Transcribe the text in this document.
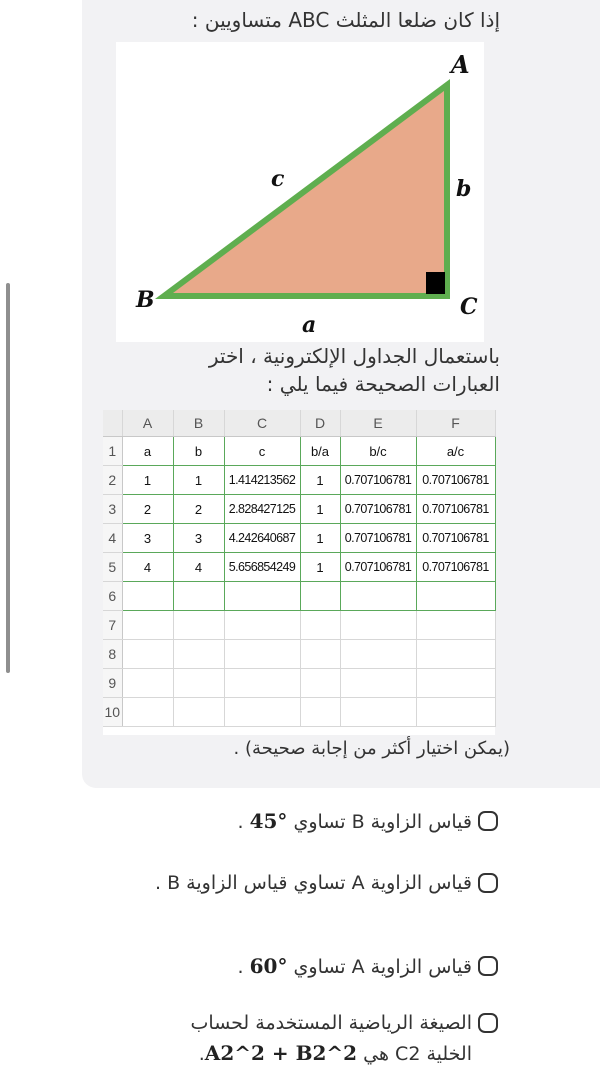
إذا كان ضلعا المثلث ABC متساويين :
A
B	C
a
b
c
باستعمال الجداول الإلكترونية ، اختر العبارات الصحيحة فيما يلي :
	A	B	C	D	E	F
1	a	b	c	b/a	b/c	a/c
2	1	1	1.414213562	1	0.707106781	0.707106781
3	2	2	2.828427125	1	0.707106781	0.707106781
4	3	3	4.242640687	1	0.707106781	0.707106781
5	4	4	5.656854249	1	0.707106781	0.707106781
6						
7						
8						
9						
10						
(يمكن اختيار أكثر من إجابة صحيحة) .
قياس الزاوية B تساوي 45° .
قياس الزاوية A تساوي قياس الزاوية B .
قياس الزاوية A تساوي 60° .
الصيغة الرياضية المستخدمة لحساب الخلية C2 هي A2^2 + B2^2.
